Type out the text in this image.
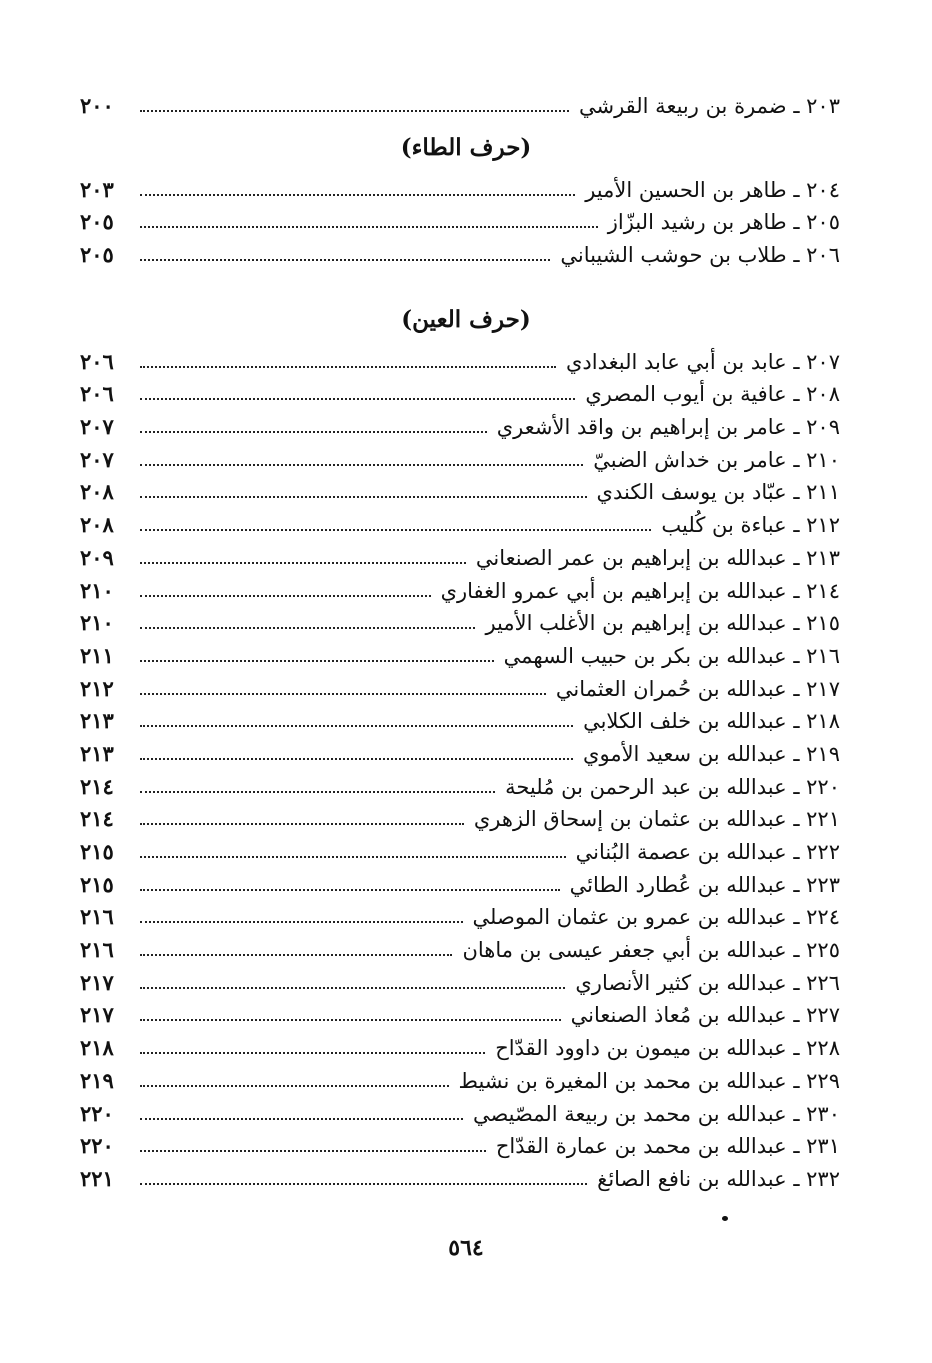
٢٠٣ ـ ضمرة بن ربيعة القرشي
٢٠٠
(حرف الطاء)
٢٠٤ ـ طاهر بن الحسين الأمير
٢٠٣
٢٠٥ ـ طاهر بن رشيد البزّاز
٢٠٥
٢٠٦ ـ طلاب بن حوشب الشيباني
٢٠٥
(حرف العين)
٢٠٧ ـ عابد بن أبي عابد البغدادي
٢٠٦
٢٠٨ ـ عافية بن أيوب المصري
٢٠٦
٢٠٩ ـ عامر بن إبراهيم بن واقد الأشعري
٢٠٧
٢١٠ ـ عامر بن خداش الضبيّ
٢٠٧
٢١١ ـ عبّاد بن يوسف الكندي
٢٠٨
٢١٢ ـ عباءة بن كُليب
٢٠٨
٢١٣ ـ عبدالله بن إبراهيم بن عمر الصنعاني
٢٠٩
٢١٤ ـ عبدالله بن إبراهيم بن أبي عمرو الغفاري
٢١٠
٢١٥ ـ عبدالله بن إبراهيم بن الأغلب الأمير
٢١٠
٢١٦ ـ عبدالله بن بكر بن حبيب السهمي
٢١١
٢١٧ ـ عبدالله بن حُمران العثماني
٢١٢
٢١٨ ـ عبدالله بن خلف الكلابي
٢١٣
٢١٩ ـ عبدالله بن سعيد الأموي
٢١٣
٢٢٠ ـ عبدالله بن عبد الرحمن بن مُليحة
٢١٤
٢٢١ ـ عبدالله بن عثمان بن إسحاق الزهري
٢١٤
٢٢٢ ـ عبدالله بن عصمة البُناني
٢١٥
٢٢٣ ـ عبدالله بن عُطارد الطائي
٢١٥
٢٢٤ ـ عبدالله بن عمرو بن عثمان الموصلي
٢١٦
٢٢٥ ـ عبدالله بن أبي جعفر عيسى بن ماهان
٢١٦
٢٢٦ ـ عبدالله بن كثير الأنصاري
٢١٧
٢٢٧ ـ عبدالله بن مُعاذ الصنعاني
٢١٧
٢٢٨ ـ عبدالله بن ميمون بن داوود القدّاح
٢١٨
٢٢٩ ـ عبدالله بن محمد بن المغيرة بن نشيط
٢١٩
٢٣٠ ـ عبدالله بن محمد بن ربيعة المصّيصي
٢٢٠
٢٣١ ـ عبدالله بن محمد بن عمارة القدّاح
٢٢٠
٢٣٢ ـ عبدالله بن نافع الصائغ
٢٢١
٥٦٤
